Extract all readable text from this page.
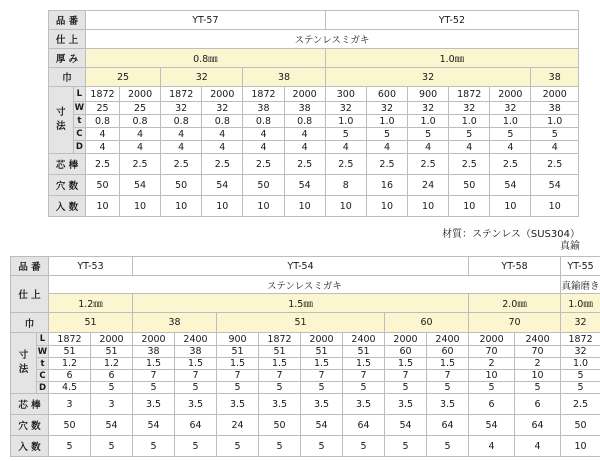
品 番		YT-57						YT-52					
仕 上		ステンレスミガキ											
厚 み		0.8㎜						1.0㎜					
巾		25		32		38		32					38
寸
法	L	1872	2000	1872	2000	1872	2000	300	600	900	1872	2000	2000
	W	25	25	32	32	38	38	32	32	32	32	32	38
	t	0.8	0.8	0.8	0.8	0.8	0.8	1.0	1.0	1.0	1.0	1.0	1.0
	C	4	4	4	4	4	4	5	5	5	5	5	5
	D	4	4	4	4	4	4	4	4	4	4	4	4
芯 棒		2.5	2.5	2.5	2.5	2.5	2.5	2.5	2.5	2.5	2.5	2.5	2.5
穴 数		50	54	50	54	50	54	8	16	24	50	54	54
入 数		10	10	10	10	10	10	10	10	10	10	10	10
材質：ステンレス（SUS304）
真鍮
品 番		YT-53		YT-54								YT-58		YT-55
仕 上		ステンレスミガキ												真鍮磨き
		1.2㎜		1.5㎜								2.0㎜		1.0㎜
巾		51		38		51				60		70		32
寸
法	L	1872	2000	2000	2400	900	1872	2000	2400	2000	2400	2000	2400	1872
	W	51	51	38	38	51	51	51	51	60	60	70	70	32
	t	1.2	1.2	1.5	1.5	1.5	1.5	1.5	1.5	1.5	1.5	2	2	1.0
	C	6	6	7	7	7	7	7	7	7	7	10	10	5
	D	4.5	5	5	5	5	5	5	5	5	5	5	5	5
芯 棒		3	3	3.5	3.5	3.5	3.5	3.5	3.5	3.5	3.5	6	6	2.5
穴 数		50	54	54	64	24	50	54	64	54	64	54	64	50
入 数		5	5	5	5	5	5	5	5	5	5	4	4	10
